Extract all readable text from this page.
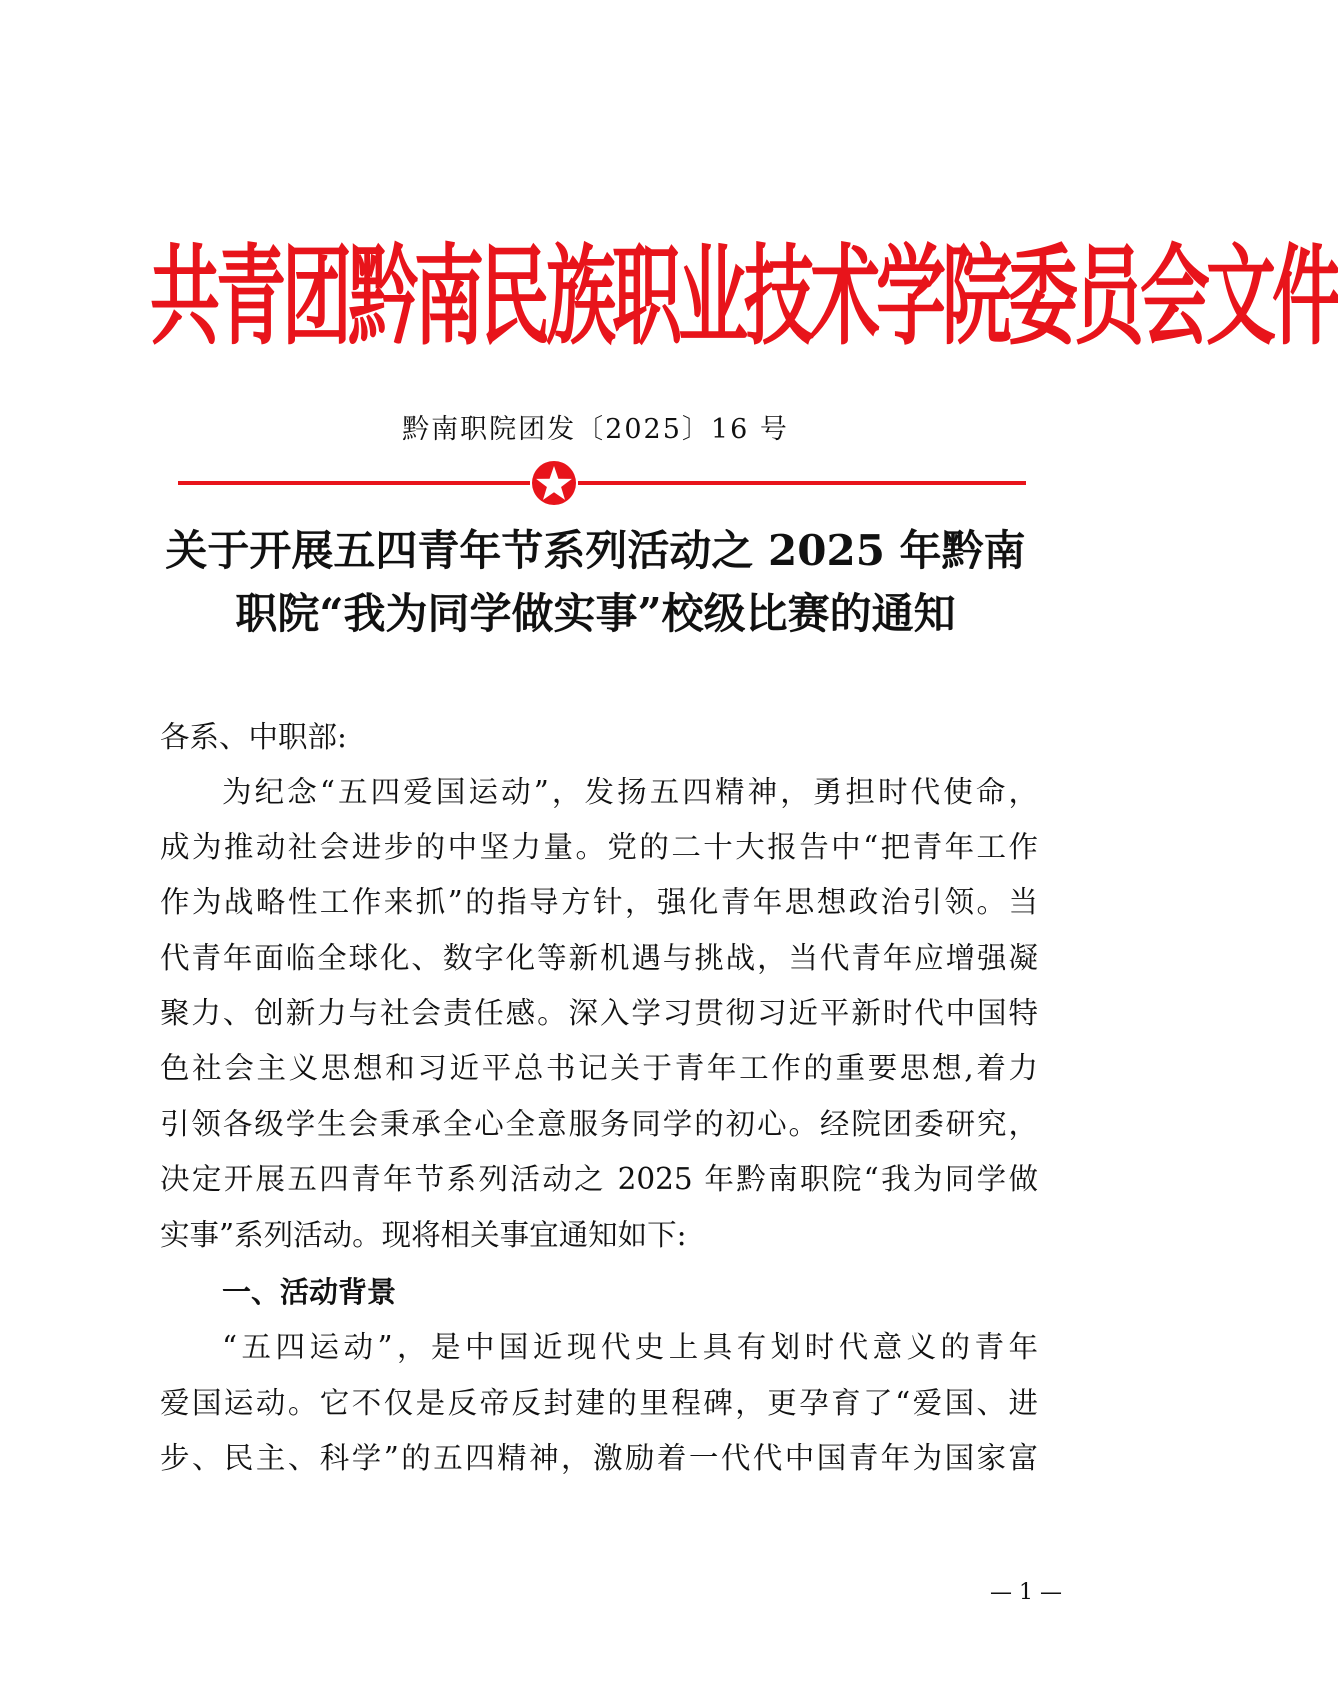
共青团黔南民族职业技术学院委员会文件
黔南职院团发〔2025〕16 号
关于开展五四青年节系列活动之 2025 年黔南
职院“我为同学做实事”校级比赛的通知
各系、中职部:
为纪念“五四爱国运动”，发扬五四精神，勇担时代使命，
成为推动社会进步的中坚力量。党的二十大报告中“把青年工作
作为战略性工作来抓”的指导方针，强化青年思想政治引领。当
代青年面临全球化、数字化等新机遇与挑战，当代青年应增强凝
聚力、创新力与社会责任感。深入学习贯彻习近平新时代中国特
色社会主义思想和习近平总书记关于青年工作的重要思想,着力
引领各级学生会秉承全心全意服务同学的初心。经院团委研究，
决定开展五四青年节系列活动之 2025 年黔南职院“我为同学做
实事”系列活动。现将相关事宜通知如下:
一、活动背景
“五四运动”，是中国近现代史上具有划时代意义的青年
爱国运动。它不仅是反帝反封建的里程碑，更孕育了“爱国、进
步、民主、科学”的五四精神，激励着一代代中国青年为国家富
— 1 —
